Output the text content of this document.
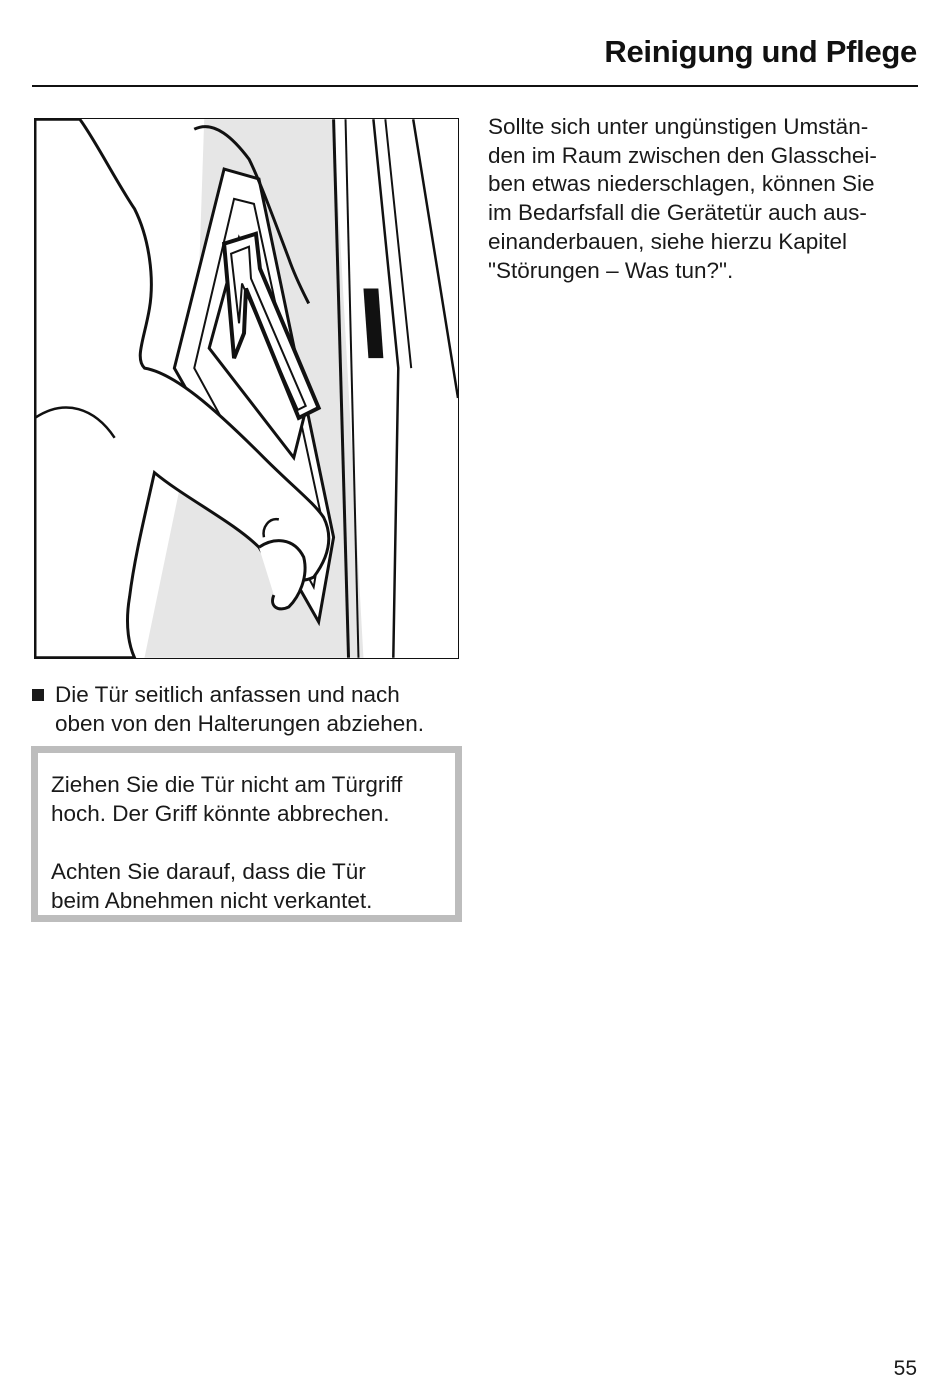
Reinigung und Pflege
Sollte sich unter ungünstigen Umstän-
den im Raum zwischen den Glasschei-
ben etwas niederschlagen, können Sie
im Bedarfsfall die Gerätetür auch aus-
einanderbauen, siehe hierzu Kapitel
"Störungen – Was tun?".
Die Tür seitlich anfassen und nach
oben von den Halterungen abziehen.
Ziehen Sie die Tür nicht am Türgriff
hoch. Der Griff könnte abbrechen.
Achten Sie darauf, dass die Tür
beim Abnehmen nicht verkantet.
55
